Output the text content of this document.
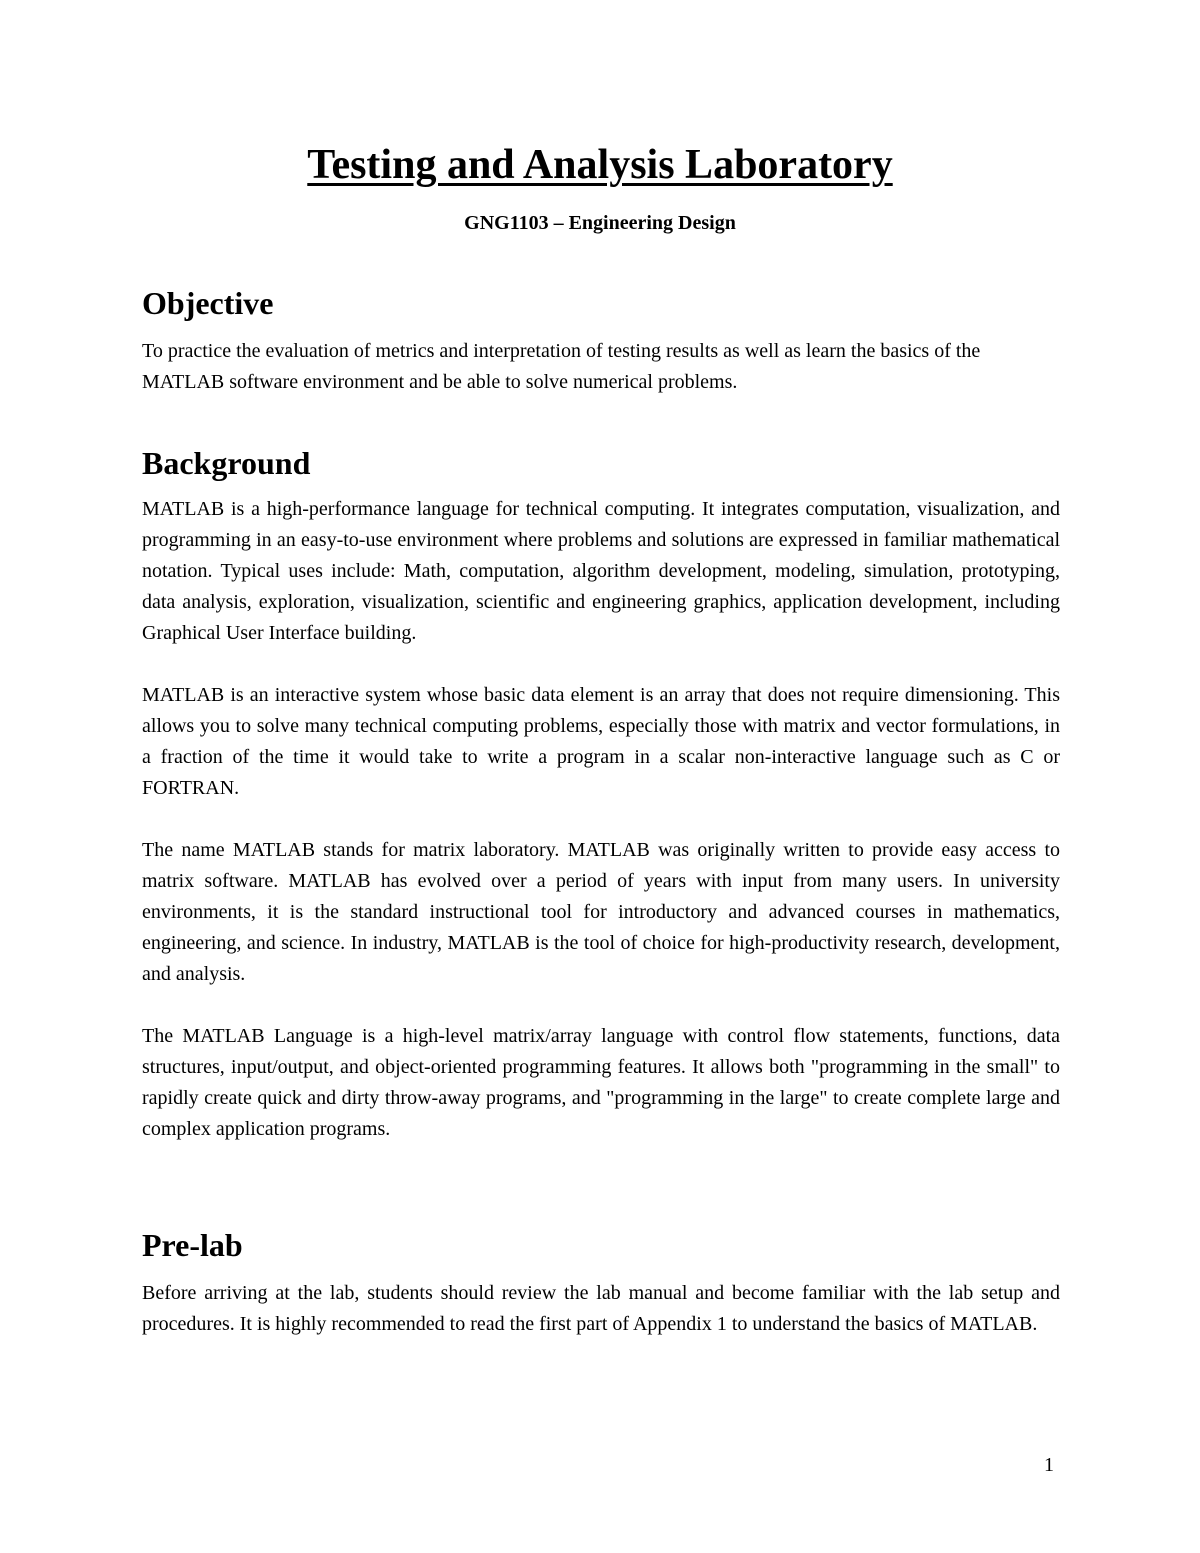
Testing and Analysis Laboratory
GNG1103 – Engineering Design
Objective

To practice the evaluation of metrics and interpretation of testing results as well as learn the basics of the MATLAB software environment and be able to solve numerical problems.

Background

MATLAB is a high-performance language for technical computing. It integrates computation, visualization, and programming in an easy-to-use environment where problems and solutions are expressed in familiar mathematical notation. Typical uses include: Math, computation, algorithm development, modeling, simulation, prototyping, data analysis, exploration, visualization, scientific and engineering graphics, application development, including Graphical User Interface building.

MATLAB is an interactive system whose basic data element is an array that does not require dimensioning. This allows you to solve many technical computing problems, especially those with matrix and vector formulations, in a fraction of the time it would take to write a program in a scalar non-interactive language such as C or FORTRAN.

The name MATLAB stands for matrix laboratory. MATLAB was originally written to provide easy access to matrix software. MATLAB has evolved over a period of years with input from many users. In university environments, it is the standard instructional tool for introductory and advanced courses in mathematics, engineering, and science. In industry, MATLAB is the tool of choice for high-productivity research, development, and analysis.

The MATLAB Language is a high-level matrix/array language with control flow statements, functions, data structures, input/output, and object-oriented programming features. It allows both "programming in the small" to rapidly create quick and dirty throw-away programs, and "programming in the large" to create complete large and complex application programs.

Pre-lab

Before arriving at the lab, students should review the lab manual and become familiar with the lab setup and procedures. It is highly recommended to read the first part of Appendix 1 to understand the basics of MATLAB.

1
